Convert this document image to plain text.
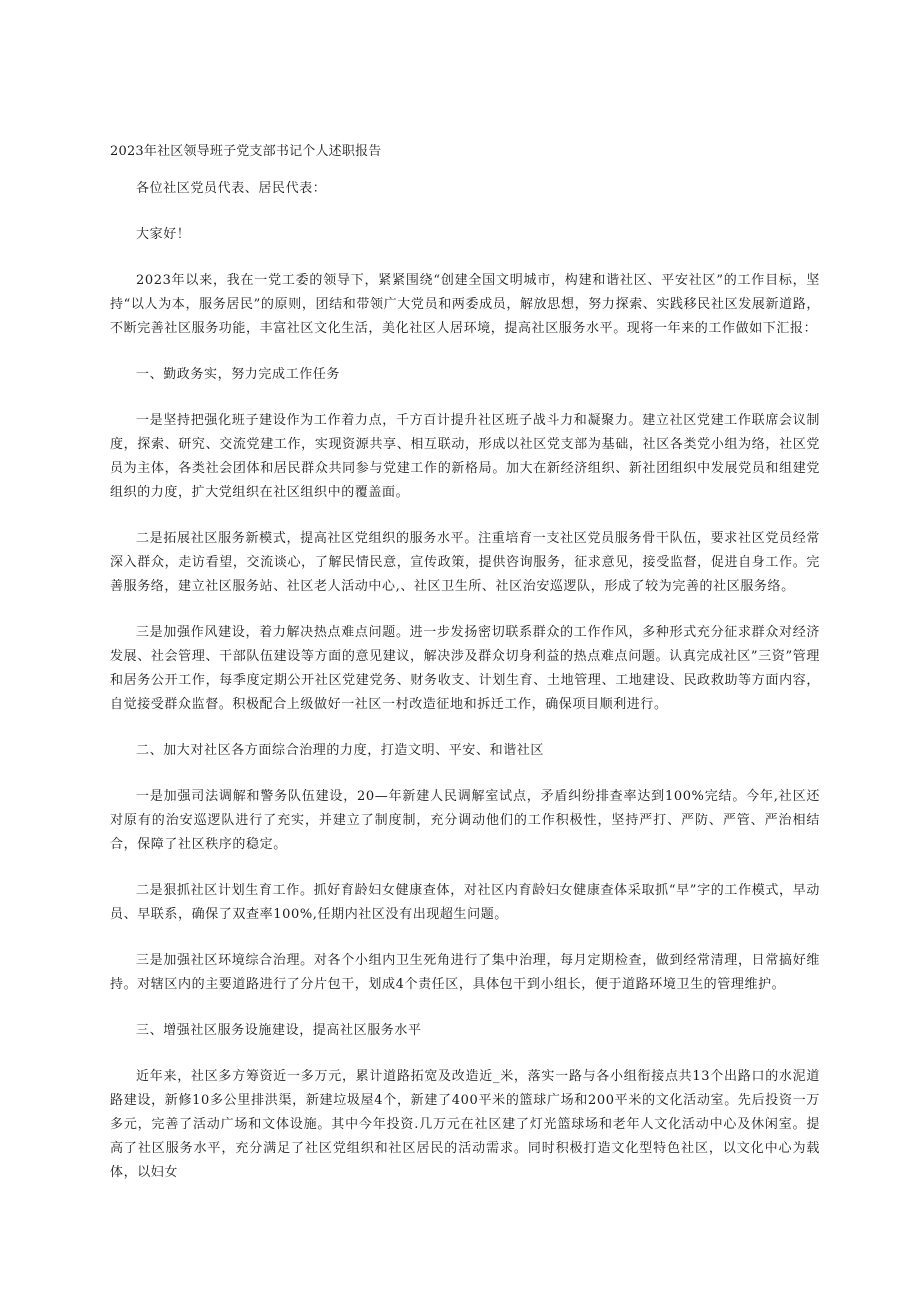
2023年社区领导班子党支部书记个人述职报告

各位社区党员代表、居民代表：

大家好！

2023年以来，我在一党工委的领导下，紧紧围绕“创建全国文明城市，构建和谐社区、平安社区”的工作目标，坚持“以人为本，服务居民”的原则，团结和带领广大党员和两委成员，解放思想，努力探索、实践移民社区发展新道路，不断完善社区服务功能，丰富社区文化生活，美化社区人居环境，提高社区服务水平。现将一年来的工作做如下汇报：

一、勤政务实，努力完成工作任务

一是坚持把强化班子建设作为工作着力点，千方百计提升社区班子战斗力和凝聚力。建立社区党建工作联席会议制度，探索、研究、交流党建工作，实现资源共享、相互联动，形成以社区党支部为基础，社区各类党小组为络，社区党员为主体，各类社会团体和居民群众共同参与党建工作的新格局。加大在新经济组织、新社团组织中发展党员和组建党组织的力度，扩大党组织在社区组织中的覆盖面。

二是拓展社区服务新模式，提高社区党组织的服务水平。注重培育一支社区党员服务骨干队伍，要求社区党员经常深入群众，走访看望，交流谈心，了解民情民意，宣传政策，提供咨询服务，征求意见，接受监督，促进自身工作。完善服务络，建立社区服务站、社区老人活动中心,、社区卫生所、社区治安巡逻队，形成了较为完善的社区服务络。

三是加强作风建设，着力解决热点难点问题。进一步发扬密切联系群众的工作作风，多种形式充分征求群众对经济发展、社会管理、干部队伍建设等方面的意见建议，解决涉及群众切身利益的热点难点问题。认真完成社区”三资”管理和居务公开工作，每季度定期公开社区党建党务、财务收支、计划生育、土地管理、工地建设、民政救助等方面内容，自觉接受群众监督。积极配合上级做好一社区一村改造征地和拆迁工作，确保项目顺利进行。

二、加大对社区各方面综合治理的力度，打造文明、平安、和谐社区

一是加强司法调解和警务队伍建设，20—年新建人民调解室试点，矛盾纠纷排查率达到100%完结。今年,社区还对原有的治安巡逻队进行了充实，并建立了制度制，充分调动他们的工作积极性，坚持严打、严防、严管、严治相结合，保障了社区秩序的稳定。

二是狠抓社区计划生育工作。抓好育龄妇女健康查体，对社区内育龄妇女健康查体采取抓“早”字的工作模式，早动员、早联系，确保了双查率100%,任期内社区没有出现超生问题。

三是加强社区环境综合治理。对各个小组内卫生死角进行了集中治理，每月定期检查，做到经常清理，日常搞好维持。对辖区内的主要道路进行了分片包干，划成4个责任区，具体包干到小组长，便于道路环境卫生的管理维护。

三、增强社区服务设施建设，提高社区服务水平

近年来，社区多方筹资近一多万元，累计道路拓宽及改造近_米，落实一路与各小组衔接点共13个出路口的水泥道路建设，新修10多公里排洪渠，新建垃圾屋4个，新建了400平米的篮球广场和200平米的文化活动室。先后投资一万多元，完善了活动广场和文体设施。其中今年投资.几万元在社区建了灯光篮球场和老年人文化活动中心及休闲室。提高了社区服务水平，充分满足了社区党组织和社区居民的活动需求。同时积极打造文化型特色社区，以文化中心为载体，以妇女
